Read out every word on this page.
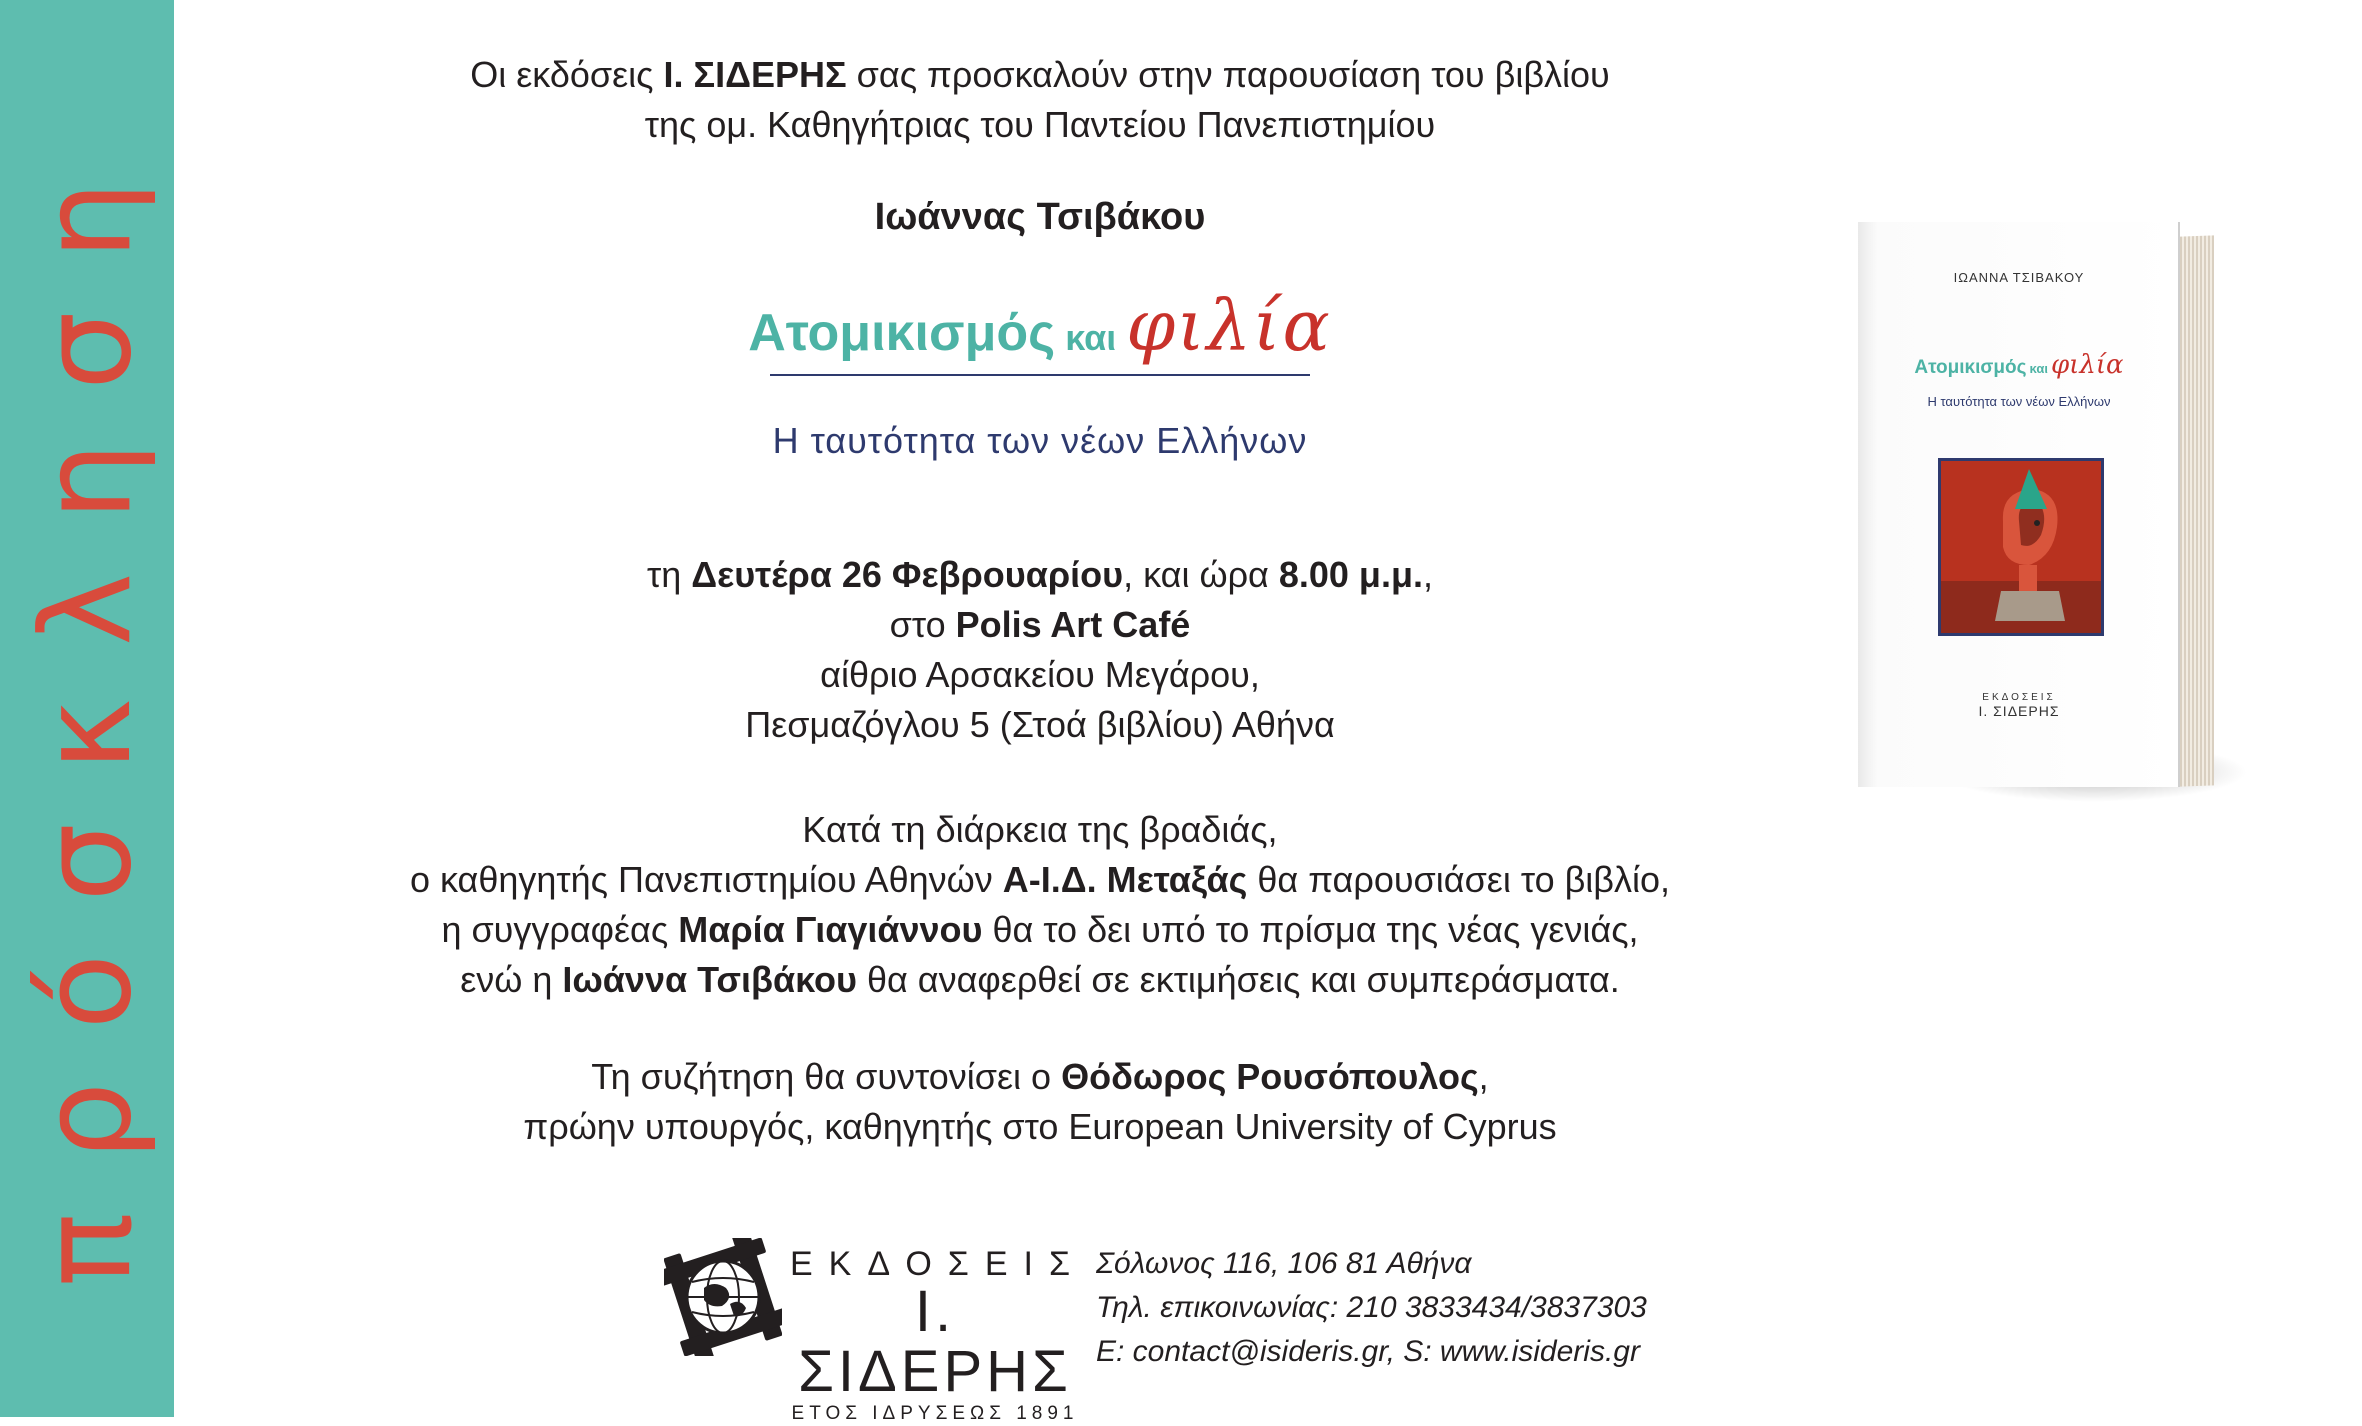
πρόσκληση
Οι εκδόσεις Ι. ΣΙΔΕΡΗΣ σας προσκαλούν στην παρουσίαση του βιβλίου
της ομ. Καθηγήτριας του Παντείου Πανεπιστημίου
Ιωάννας Τσιβάκου
Ατομικισμός και φιλία
Η ταυτότητα των νέων Ελλήνων
τη Δευτέρα 26 Φεβρουαρίου, και ώρα 8.00 μ.μ.,
στο Polis Art Café
αίθριο Αρσακείου Μεγάρου,
Πεσμαζόγλου 5 (Στοά βιβλίου) Αθήνα
Κατά τη διάρκεια της βραδιάς,
ο καθηγητής Πανεπιστημίου Αθηνών Α-Ι.Δ. Μεταξάς θα παρουσιάσει το βιβλίο,
η συγγραφέας Μαρία Γιαγιάννου θα το δει υπό το πρίσμα της νέας γενιάς,
ενώ η Ιωάννα Τσιβάκου θα αναφερθεί σε εκτιμήσεις και συμπεράσματα.
Τη συζήτηση θα συντονίσει ο Θόδωρος Ρουσόπουλος,
πρώην υπουργός, καθηγητής στο European University of Cyprus
ΙΩΑΝΝΑ ΤΣΙΒΑΚΟΥ
Ατομικισμός και φιλία
Η ταυτότητα των νέων Ελλήνων
ΕΚΔΟΣΕΙΣ
Ι. ΣΙΔΕΡΗΣ
ΕΚΔΟΣΕΙΣ
Ι. ΣΙΔΕΡΗΣ
ΕΤΟΣ ΙΔΡΥΣΕΩΣ 1891
Σόλωνος 116, 106 81 Αθήνα
Τηλ. επικοινωνίας: 210 3833434/3837303
E: contact@isideris.gr, S: www.isideris.gr
